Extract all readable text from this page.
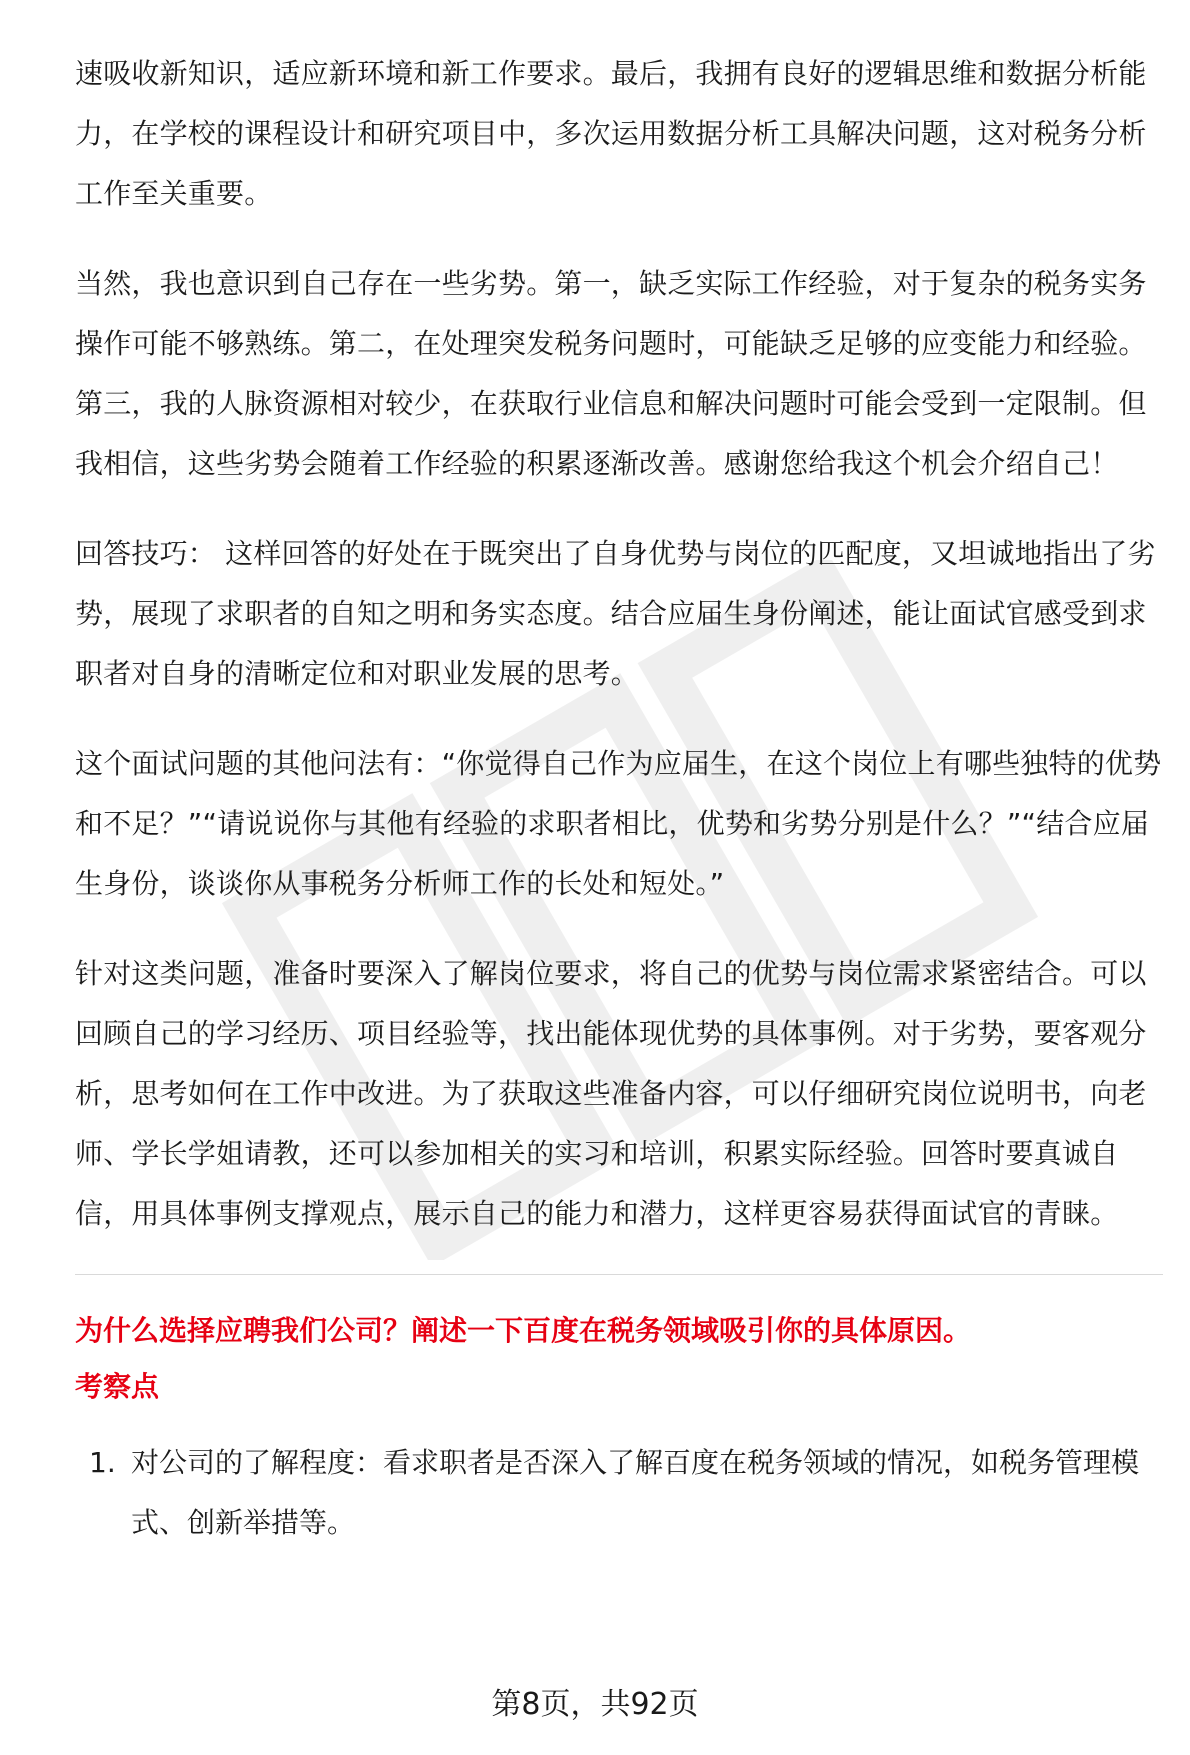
速吸收新知识，适应新环境和新工作要求。最后，我拥有良好的逻辑思维和数据分析能力，在学校的课程设计和研究项目中，多次运用数据分析工具解决问题，这对税务分析工作至关重要。

当然，我也意识到自己存在一些劣势。第一，缺乏实际工作经验，对于复杂的税务实务操作可能不够熟练。第二，在处理突发税务问题时，可能缺乏足够的应变能力和经验。第三，我的人脉资源相对较少，在获取行业信息和解决问题时可能会受到一定限制。但我相信，这些劣势会随着工作经验的积累逐渐改善。感谢您给我这个机会介绍自己！

回答技巧： 这样回答的好处在于既突出了自身优势与岗位的匹配度，又坦诚地指出了劣势，展现了求职者的自知之明和务实态度。结合应届生身份阐述，能让面试官感受到求职者对自身的清晰定位和对职业发展的思考。

这个面试问题的其他问法有：“你觉得自己作为应届生，在这个岗位上有哪些独特的优势和不足？”“请说说你与其他有经验的求职者相比，优势和劣势分别是什么？”“结合应届生身份，谈谈你从事税务分析师工作的长处和短处。”

针对这类问题，准备时要深入了解岗位要求，将自己的优势与岗位需求紧密结合。可以回顾自己的学习经历、项目经验等，找出能体现优势的具体事例。对于劣势，要客观分析，思考如何在工作中改进。为了获取这些准备内容，可以仔细研究岗位说明书，向老师、学长学姐请教，还可以参加相关的实习和培训，积累实际经验。回答时要真诚自信，用具体事例支撑观点，展示自己的能力和潜力，这样更容易获得面试官的青睐。

为什么选择应聘我们公司？阐述一下百度在税务领域吸引你的具体原因。

考察点

1. 对公司的了解程度：看求职者是否深入了解百度在税务领域的情况，如税务管理模式、创新举措等。
第8页，共92页
